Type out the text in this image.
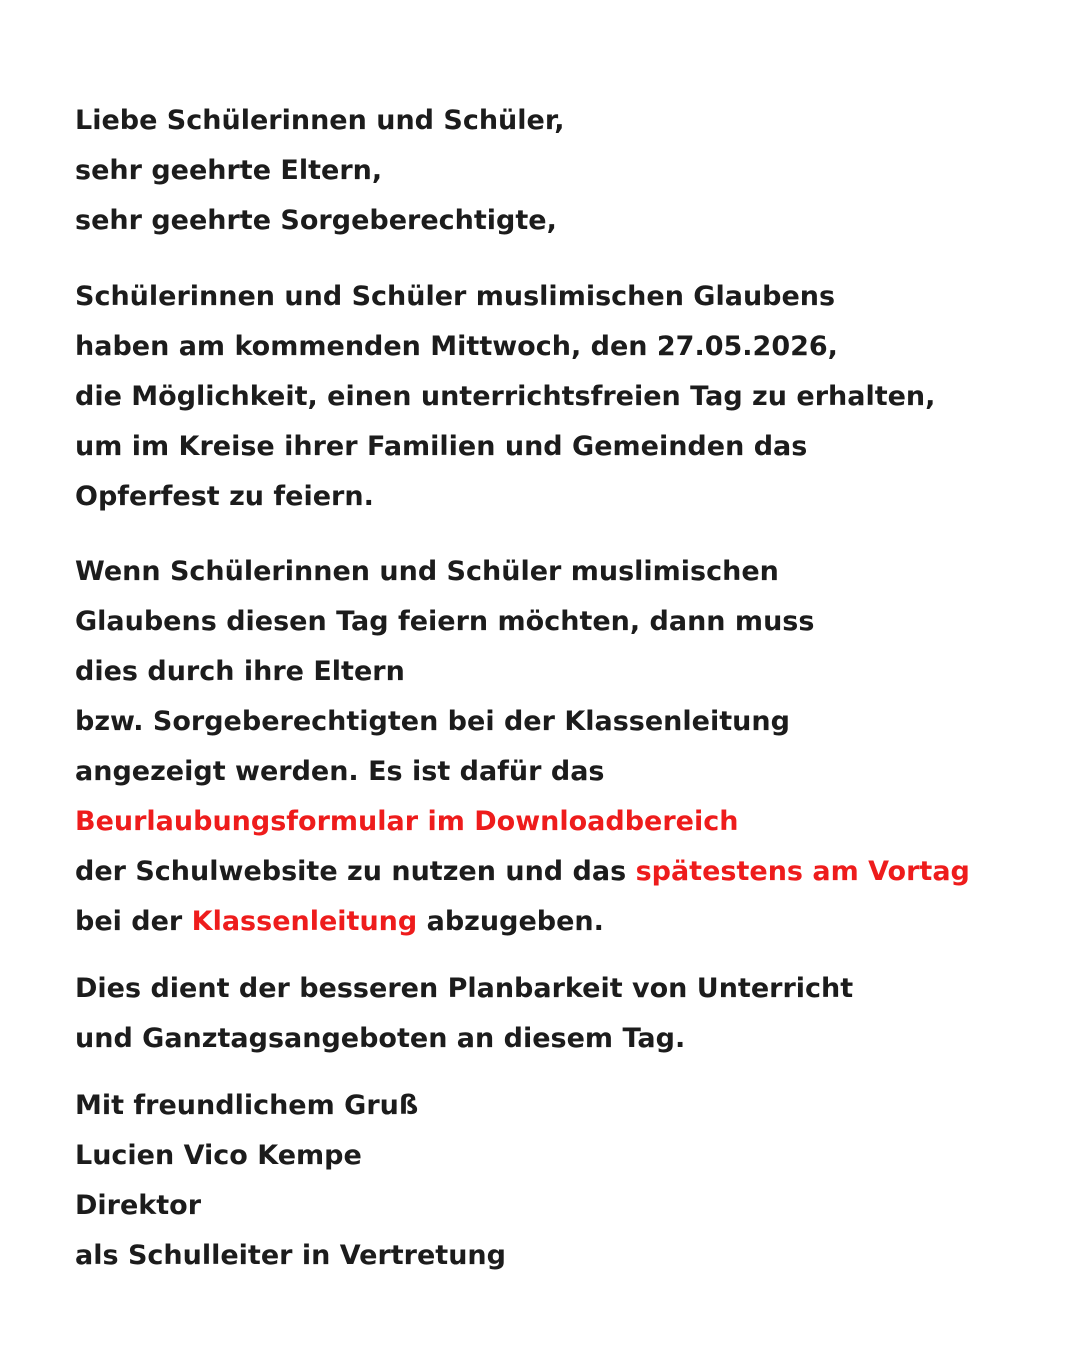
Liebe Schülerinnen und Schüler,
sehr geehrte Eltern,
sehr geehrte Sorgeberechtigte,
Schülerinnen und Schüler muslimischen Glaubens
haben am kommenden Mittwoch, den 27.05.2026,
die Möglichkeit, einen unterrichtsfreien Tag zu erhalten,
um im Kreise ihrer Familien und Gemeinden das
Opferfest zu feiern.
Wenn Schülerinnen und Schüler muslimischen
Glaubens diesen Tag feiern möchten, dann muss
dies durch ihre Eltern
bzw. Sorgeberechtigten bei der Klassenleitung
angezeigt werden. Es ist dafür das
Beurlaubungsformular im Downloadbereich
der Schulwebsite zu nutzen und das spätestens am Vortag
bei der Klassenleitung abzugeben.
Dies dient der besseren Planbarkeit von Unterricht
und Ganztagsangeboten an diesem Tag.
Mit freundlichem Gruß
Lucien Vico Kempe
Direktor
als Schulleiter in Vertretung
